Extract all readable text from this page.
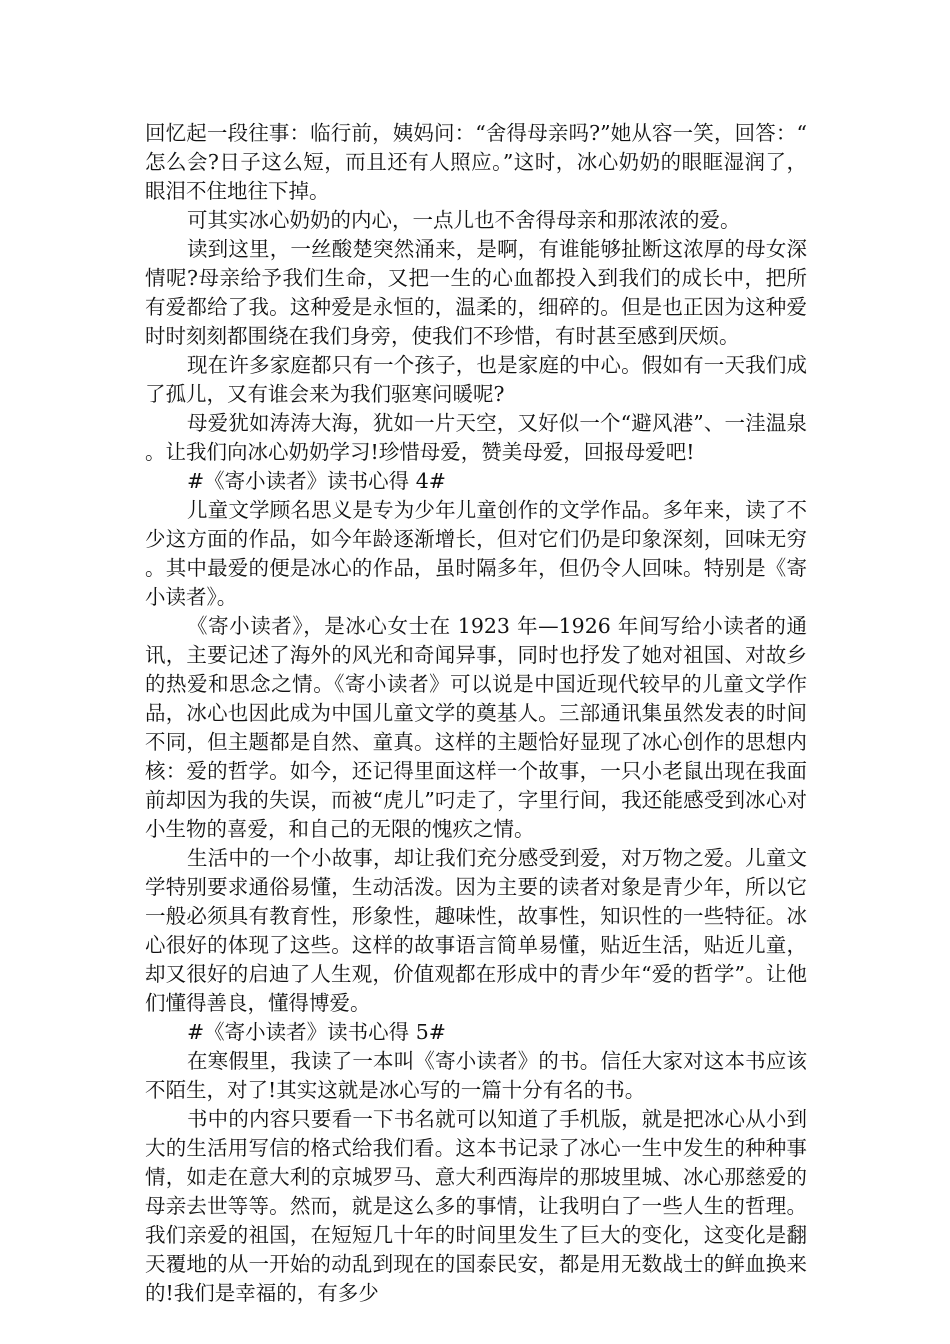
回忆起一段往事：临行前，姨妈问：“舍得母亲吗?”她从容一笑，回答：“怎么会?日子这么短，而且还有人照应。”这时，冰心奶奶的眼眶湿润了，眼泪不住地往下掉。

可其实冰心奶奶的内心，一点儿也不舍得母亲和那浓浓的爱。

读到这里，一丝酸楚突然涌来，是啊，有谁能够扯断这浓厚的母女深情呢?母亲给予我们生命，又把一生的心血都投入到我们的成长中，把所有爱都给了我。这种爱是永恒的，温柔的，细碎的。但是也正因为这种爱时时刻刻都围绕在我们身旁，使我们不珍惜，有时甚至感到厌烦。

现在许多家庭都只有一个孩子，也是家庭的中心。假如有一天我们成了孤儿，又有谁会来为我们驱寒问暖呢?

母爱犹如涛涛大海，犹如一片天空，又好似一个“避风港”、一洼温泉。让我们向冰心奶奶学习!珍惜母爱，赞美母爱，回报母爱吧!

#《寄小读者》读书心得 4#

儿童文学顾名思义是专为少年儿童创作的文学作品。多年来，读了不少这方面的作品，如今年龄逐渐增长，但对它们仍是印象深刻，回味无穷。其中最爱的便是冰心的作品，虽时隔多年，但仍令人回味。特别是《寄小读者》。

《寄小读者》，是冰心女士在 1923 年—1926 年间写给小读者的通讯，主要记述了海外的风光和奇闻异事，同时也抒发了她对祖国、对故乡的热爱和思念之情。《寄小读者》可以说是中国近现代较早的儿童文学作品，冰心也因此成为中国儿童文学的奠基人。三部通讯集虽然发表的时间不同，但主题都是自然、童真。这样的主题恰好显现了冰心创作的思想内核：爱的哲学。如今，还记得里面这样一个故事，一只小老鼠出现在我面前却因为我的失误，而被“虎儿”叼走了，字里行间，我还能感受到冰心对小生物的喜爱，和自己的无限的愧疚之情。

生活中的一个小故事，却让我们充分感受到爱，对万物之爱。儿童文学特别要求通俗易懂，生动活泼。因为主要的读者对象是青少年，所以它一般必须具有教育性，形象性，趣味性，故事性，知识性的一些特征。冰心很好的体现了这些。这样的故事语言简单易懂，贴近生活，贴近儿童，却又很好的启迪了人生观，价值观都在形成中的青少年“爱的哲学”。让他们懂得善良，懂得博爱。

#《寄小读者》读书心得 5#

在寒假里，我读了一本叫《寄小读者》的书。信任大家对这本书应该不陌生，对了!其实这就是冰心写的一篇十分有名的书。

书中的内容只要看一下书名就可以知道了手机版，就是把冰心从小到大的生活用写信的格式给我们看。这本书记录了冰心一生中发生的种种事情，如走在意大利的京城罗马、意大利西海岸的那坡里城、冰心那慈爱的母亲去世等等。然而，就是这么多的事情，让我明白了一些人生的哲理。我们亲爱的祖国，在短短几十年的时间里发生了巨大的变化，这变化是翻天覆地的从一开始的动乱到现在的国泰民安，都是用无数战士的鲜血换来的!我们是幸福的，有多少
